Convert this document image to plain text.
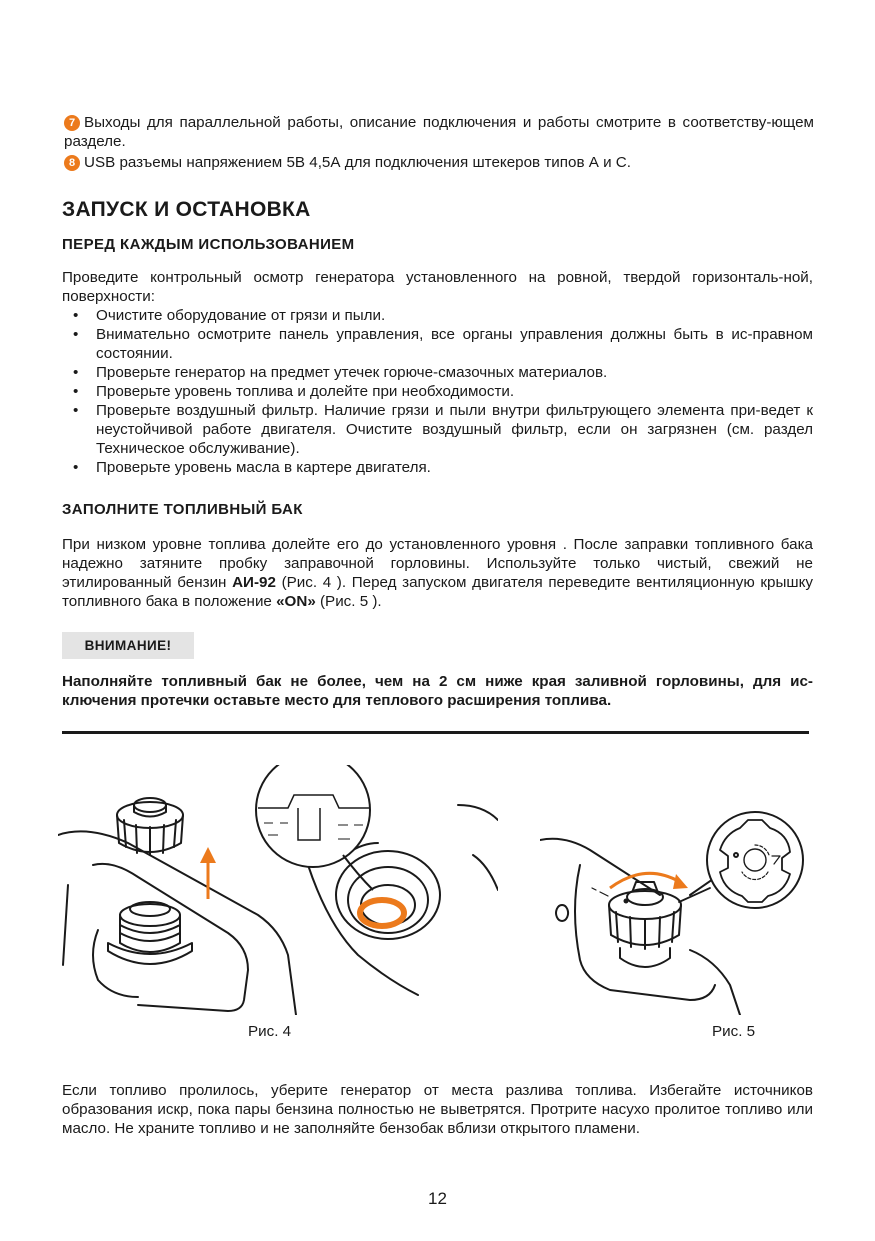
7 Выходы для параллельной работы, описание подключения и работы смотрите в соответству-ющем разделе.
8 USB разъемы напряжением 5В 4,5А для подключения штекеров типов А и С.
ЗАПУСК И ОСТАНОВКА
ПЕРЕД КАЖДЫМ ИСПОЛЬЗОВАНИЕМ

Проведите контрольный осмотр генератора установленного на ровной, твердой горизонталь-ной, поверхности:

• Очистите оборудование от грязи и пыли.
• Внимательно осмотрите панель управления, все органы управления должны быть в ис-правном состоянии.
• Проверьте генератор на предмет утечек горюче-смазочных материалов.
• Проверьте уровень топлива и долейте при необходимости.
• Проверьте воздушный фильтр. Наличие грязи и пыли внутри фильтрующего элемента при-ведет к неустойчивой работе двигателя. Очистите воздушный фильтр, если он загрязнен (см. раздел Техническое обслуживание).
• Проверьте уровень масла в картере двигателя.
ЗАПОЛНИТЕ ТОПЛИВНЫЙ БАК

При низком уровне топлива долейте его до установленного уровня . После заправки топливного бака надежно затяните пробку заправочной горловины. Используйте только чистый, свежий не этилированный бензин АИ-92 (Рис. 4 ). Перед запуском двигателя переведите вентиляционную крышку топливного бака в положение «ON» (Рис. 5 ).

ВНИМАНИЕ!

Наполняйте топливный бак не более, чем на 2 см ниже края заливной горловины, для ис-ключения протечки оставьте место для теплового расширения топлива.

Рис. 4	Рис. 5

Если топливо пролилось, уберите генератор от места разлива топлива. Избегайте источников образования искр, пока пары бензина полностью не выветрятся. Протрите насухо пролитое топливо или масло. Не храните топливо и не заполняйте бензобак вблизи открытого пламени.

12
